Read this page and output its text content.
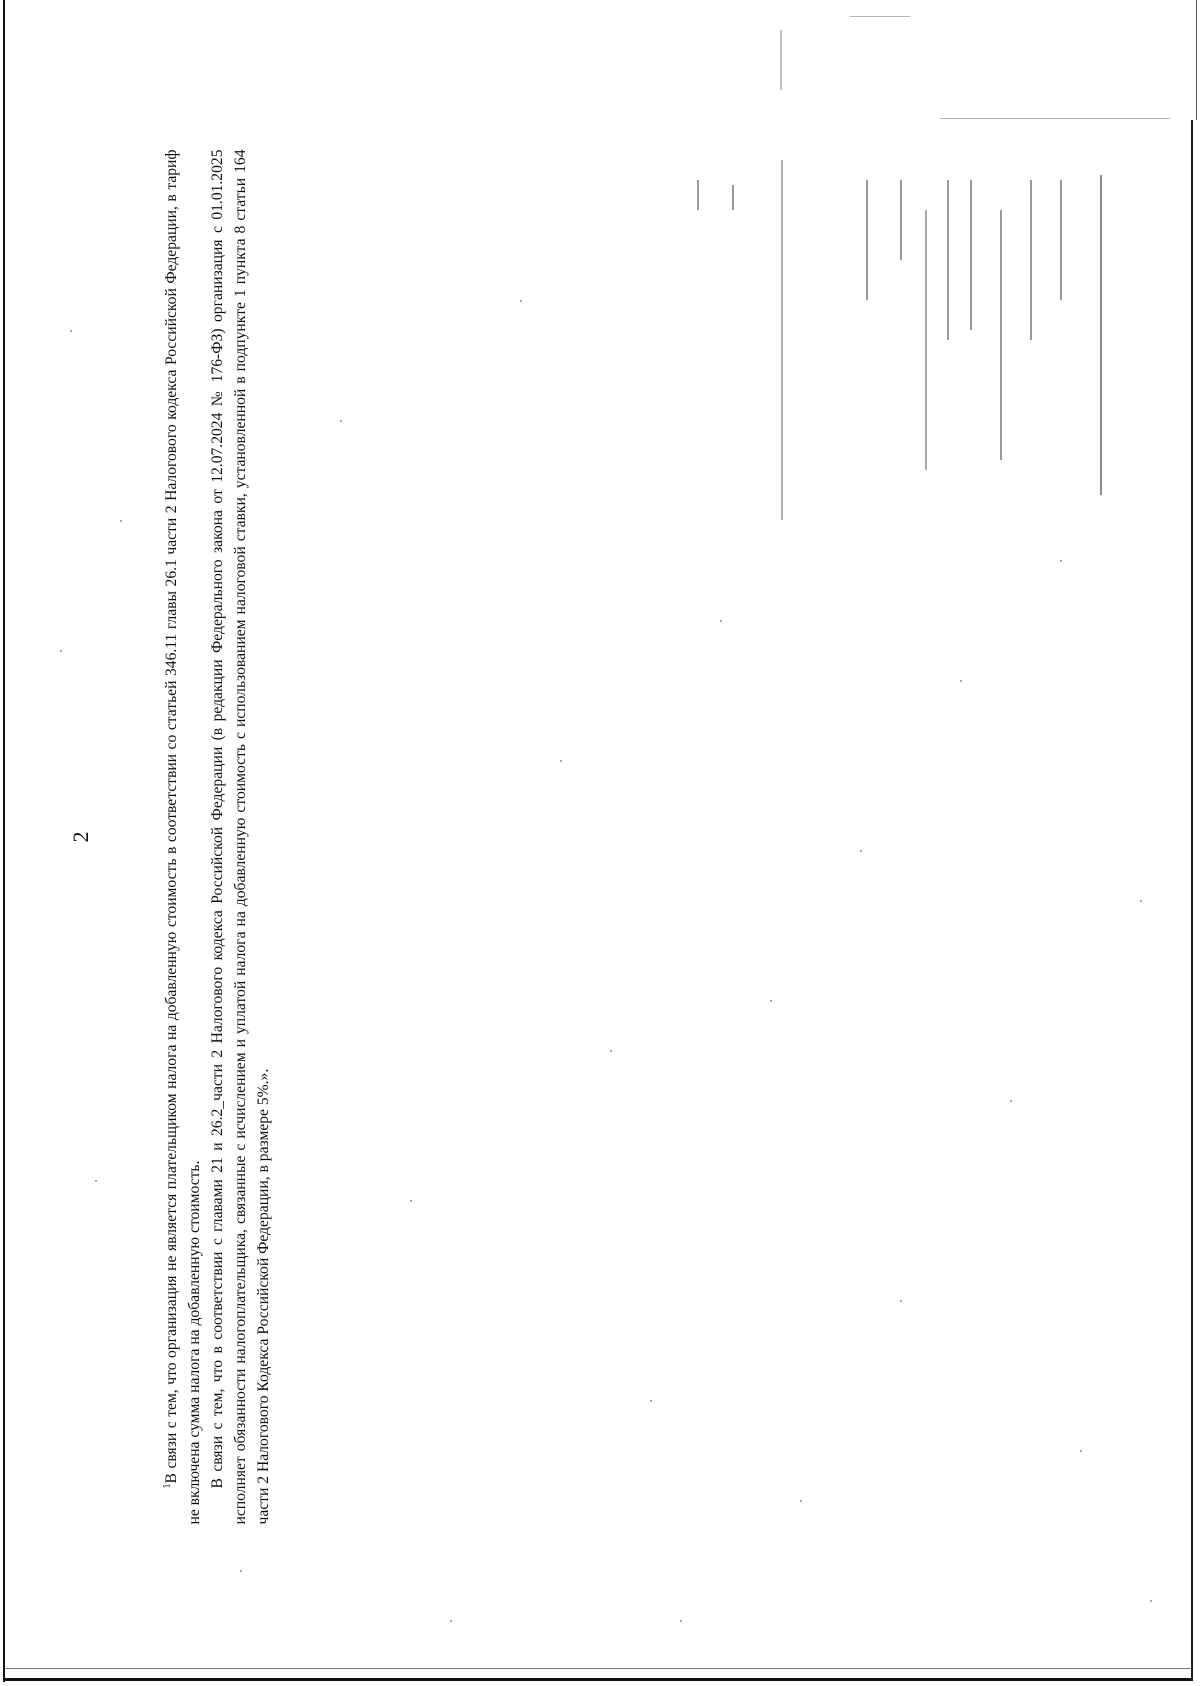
2

$^1$В связи с тем, что организация не является плательщиком налога на добавленную стоимость в соответствии со статьей 346.11 главы 26.1 части 2 Налогового кодекса Российской Федерации, в тариф не включена сумма налога на добавленную стоимость. В связи с тем, что в соответствии с главами 21 и 26.2_части 2 Налогового кодекса Российской Федерации (в редакции Федерального закона от 12.07.2024 № 176-ФЗ) организация с 01.01.2025 исполняет обязанности налогоплательщика, связанные с исчислением и уплатой налога на добавленную стоимость с использованием налоговой ставки, установленной в подпункте 1 пункта 8 статьи 164 части 2 Налогового Кодекса Российской Федерации, в размере 5%.».
